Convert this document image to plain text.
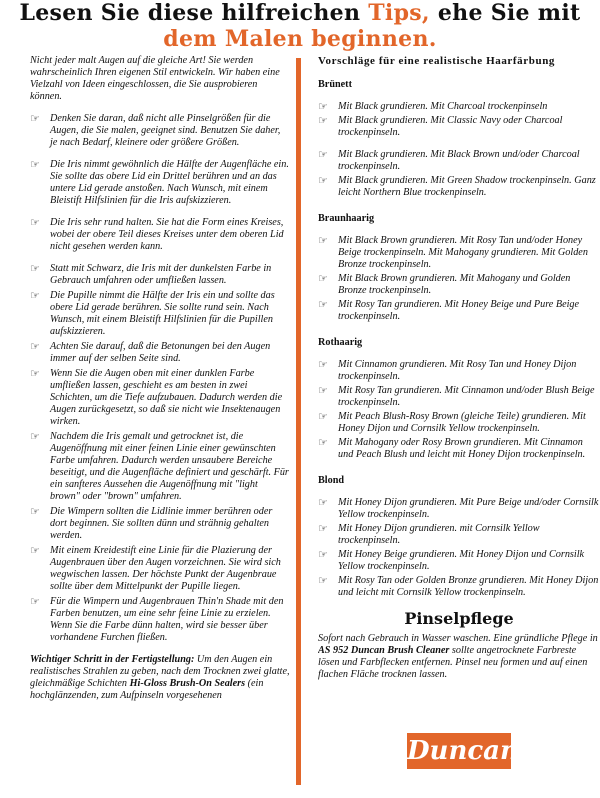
Lesen Sie diese hilfreichen Tips, ehe Sie mit
dem Malen beginnen.

Nicht jeder malt Augen auf die gleiche Art! Sie werden wahrscheinlich Ihren eigenen Stil entwickeln. Wir haben eine Vielzahl von Ideen eingeschlossen, die Sie ausprobieren können.

☞ Denken Sie daran, daß nicht alle Pinselgrößen für die Augen, die Sie malen, geeignet sind. Benutzen Sie daher, je nach Bedarf, kleinere oder größere Größen.
☞ Die Iris nimmt gewöhnlich die Hälfte der Augenfläche ein. Sie sollte das obere Lid ein Drittel berühren und an das untere Lid gerade anstoßen. Nach Wunsch, mit einem Bleistift Hilfslinien für die Iris aufskizzieren.
☞ Die Iris sehr rund halten. Sie hat die Form eines Kreises, wobei der obere Teil dieses Kreises unter dem oberen Lid nicht gesehen werden kann.
☞ Statt mit Schwarz, die Iris mit der dunkelsten Farbe in Gebrauch umfahren oder umfließen lassen.
☞ Die Pupille nimmt die Hälfte der Iris ein und sollte das obere Lid gerade berühren. Sie sollte rund sein. Nach Wunsch, mit einem Bleistift Hilfslinien für die Pupillen aufskizzieren.
☞ Achten Sie darauf, daß die Betonungen bei den Augen immer auf der selben Seite sind.
☞ Wenn Sie die Augen oben mit einer dunklen Farbe umfließen lassen, geschieht es am besten in zwei Schichten, um die Tiefe aufzubauen. Dadurch werden die Augen zurückgesetzt, so daß sie nicht wie Insektenaugen wirken.
☞ Nachdem die Iris gemalt und getrocknet ist, die Augenöffnung mit einer feinen Linie einer gewünschten Farbe umfahren. Dadurch werden unsaubere Bereiche beseitigt, und die Augenfläche definiert und geschärft. Für ein sanfteres Aussehen die Augenöffnung mit "light brown" oder "brown" umfahren.
☞ Die Wimpern sollten die Lidlinie immer berühren oder dort beginnen. Sie sollten dünn und strähnig gehalten werden.
☞ Mit einem Kreidestift eine Linie für die Plazierung der Augenbrauen über den Augen vorzeichnen. Sie wird sich wegwischen lassen. Der höchste Punkt der Augenbraue sollte über dem Mittelpunkt der Pupille liegen.
☞ Für die Wimpern und Augenbrauen Thin'n Shade mit den Farben benutzen, um eine sehr feine Linie zu erzielen. Wenn Sie die Farbe dünn halten, wird sie besser über vorhandene Furchen fließen.

Wichtiger Schritt in der Fertigstellung: Um den Augen ein realistisches Strahlen zu geben, nach dem Trocknen zwei glatte, gleichmäßige Schichten Hi-Gloss Brush-On Sealers (ein hochglänzenden, zum Aufpinseln vorgesehenen

Vorschläge für eine realistische Haarfärbung
Brünett
☞ Mit Black grundieren. Mit Charcoal trockenpinseln
☞ Mit Black grundieren. Mit Classic Navy oder Charcoal trockenpinseln.
☞ Mit Black grundieren. Mit Black Brown und/oder Charcoal trockenpinseln.
☞ Mit Black grundieren. Mit Green Shadow trockenpinseln. Ganz leicht Northern Blue trockenpinseln.
Braunhaarig
☞ Mit Black Brown grundieren. Mit Rosy Tan und/oder Honey Beige trockenpinseln. Mit Mahogany grundieren. Mit Golden Bronze trockenpinseln.
☞ Mit Black Brown grundieren. Mit Mahogany und Golden Bronze trockenpinseln.
☞ Mit Rosy Tan grundieren. Mit Honey Beige und Pure Beige trockenpinseln.
Rothaarig
☞ Mit Cinnamon grundieren. Mit Rosy Tan und Honey Dijon trockenpinseln.
☞ Mit Rosy Tan grundieren. Mit Cinnamon und/oder Blush Beige trockenpinseln.
☞ Mit Peach Blush-Rosy Brown (gleiche Teile) grundieren. Mit Honey Dijon und Cornsilk Yellow trockenpinseln.
☞ Mit Mahogany oder Rosy Brown grundieren. Mit Cinnamon und Peach Blush und leicht mit Honey Dijon trockenpinseln.
Blond
☞ Mit Honey Dijon grundieren. Mit Pure Beige und/oder Cornsilk Yellow trockenpinseln.
☞ Mit Honey Dijon grundieren. mit Cornsilk Yellow trockenpinseln.
☞ Mit Honey Beige grundieren. Mit Honey Dijon und Cornsilk Yellow trockenpinseln.
☞ Mit Rosy Tan oder Golden Bronze grundieren. Mit Honey Dijon und leicht mit Cornsilk Yellow trockenpinseln.
Pinselpflege
Sofort nach Gebrauch in Wasser waschen. Eine gründliche Pflege in AS 952 Duncan Brush Cleaner sollte angetrocknete Farbreste lösen und Farbflecken entfernen. Pinsel neu formen und auf einen flachen Fläche trocknen lassen.
Duncan
